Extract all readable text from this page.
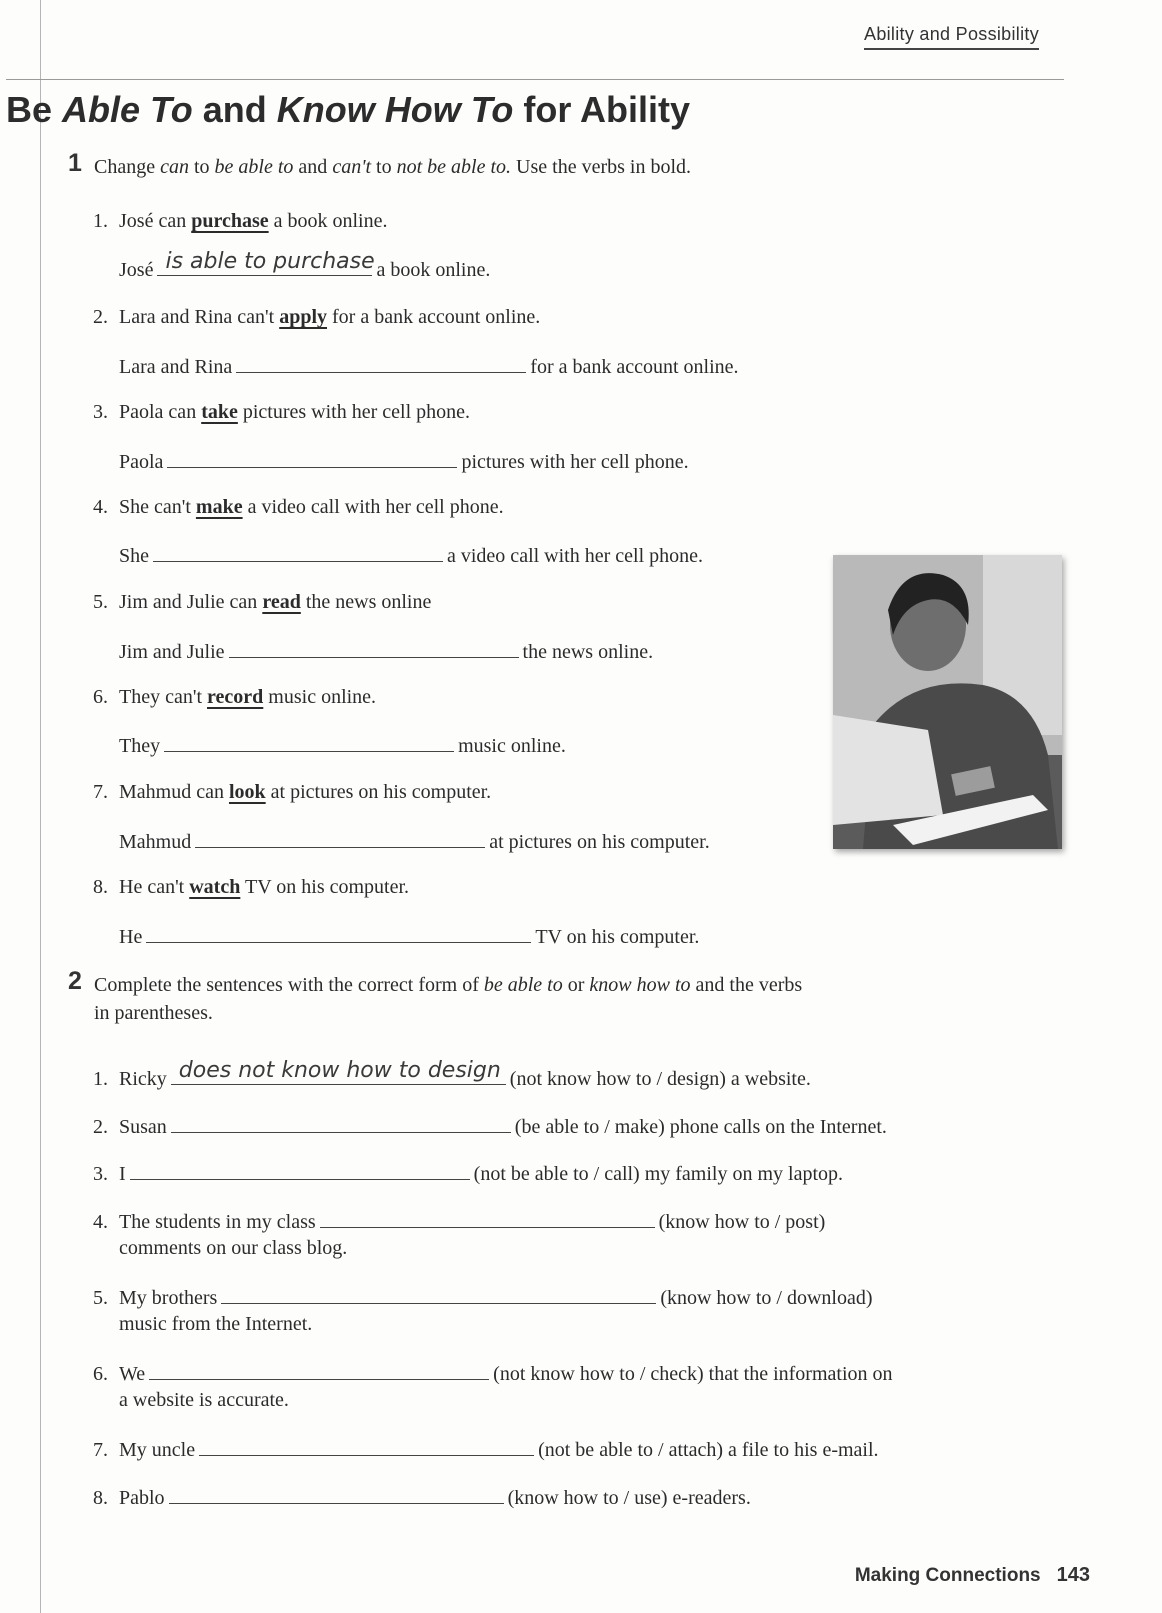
Ability and Possibility
Be Able To and Know How To for Ability
1 Change can to be able to and can't to not be able to. Use the verbs in bold.
1. José can purchase a book online.
José is able to purchase a book online.
2. Lara and Rina can't apply for a bank account online.
Lara and Rina	for a bank account online.
3. Paola can take pictures with her cell phone.
Paola	pictures with her cell phone.
4. She can't make a video call with her cell phone.
She	a video call with her cell phone.
5. Jim and Julie can read the news online
Jim and Julie	the news online.
6. They can't record music online.
They	music online.
7. Mahmud can look at pictures on his computer.
Mahmud	at pictures on his computer.
8. He can't watch TV on his computer.
He	TV on his computer.
2 Complete the sentences with the correct form of be able to or know how to and the verbs
in parentheses.
1. Ricky does not know how to design (not know how to / design) a website.
2. Susan	(be able to / make) phone calls on the Internet.
3. I	(not be able to / call) my family on my laptop.
4. The students in my class	(know how to / post)
comments on our class blog.
5. My brothers	(know how to / download)
music from the Internet.
6. We	(not know how to / check) that the information on
a website is accurate.
7. My uncle	(not be able to / attach) a file to his e-mail.
8. Pablo	(know how to / use) e-readers.
Making Connections 143
